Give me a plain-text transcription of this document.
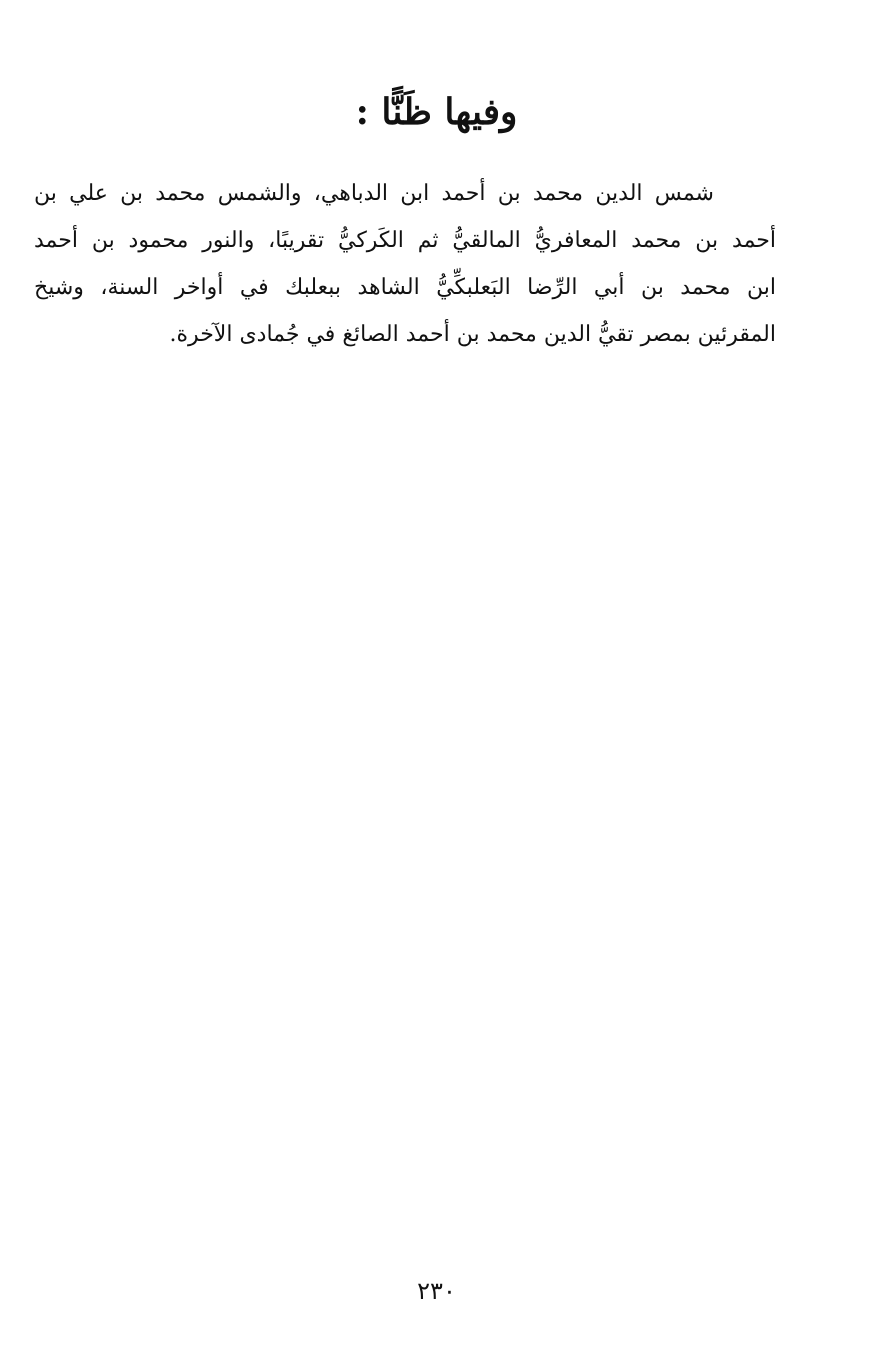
وفيها ظَنًّا :
شمس الدين محمد بن أحمد ابن الدباهي، والشمس محمد بن علي بن
أحمد بن محمد المعافريُّ المالقيُّ ثم الكَركيُّ تقريبًا، والنور محمود بن أحمد
ابن محمد بن أبي الرِّضا البَعلبكِّيُّ الشاهد ببعلبك في أواخر السنة، وشيخ
المقرئين بمصر تقيُّ الدين محمد بن أحمد الصائغ في جُمادى الآخرة.
٢٣٠
